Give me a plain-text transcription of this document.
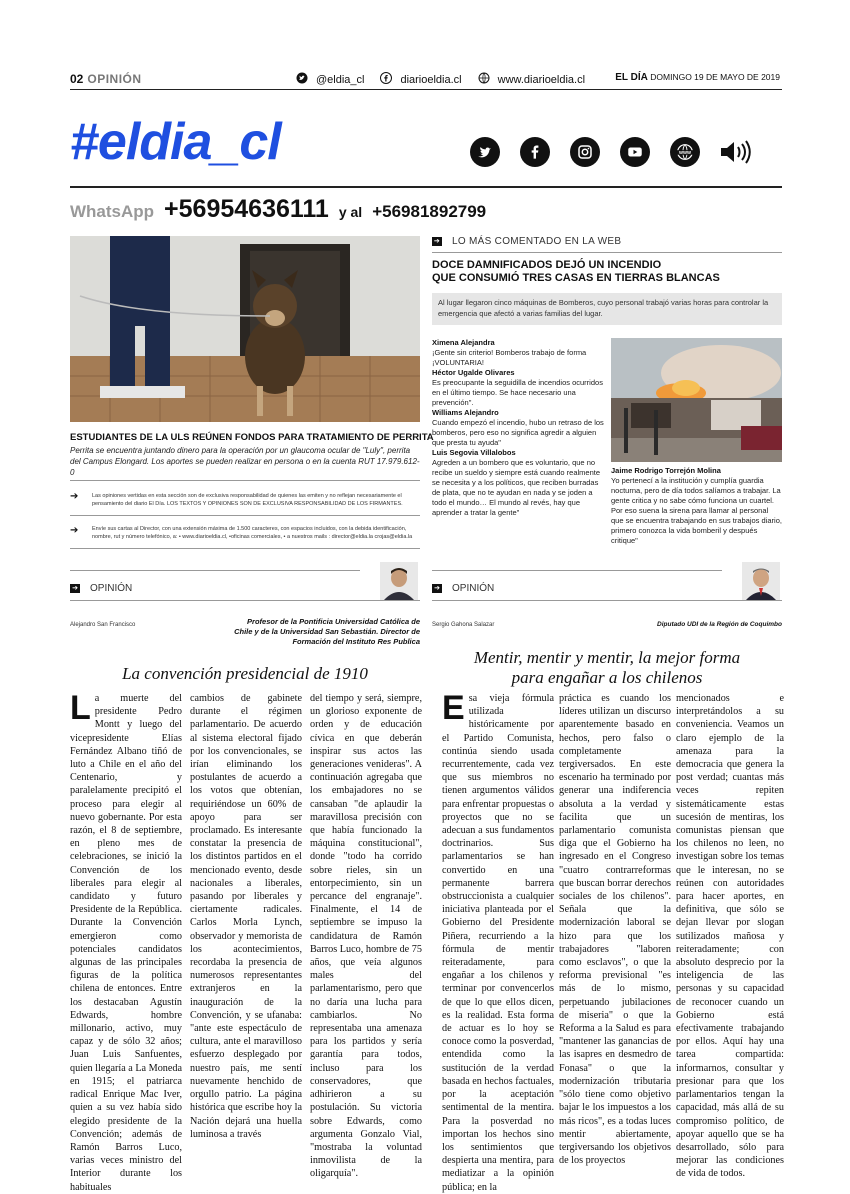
02 OPINIÓN	@eldia_cl	diarioeldia.cl	www.diarioeldia.cl	EL DÍA DOMINGO 19 DE MAYO DE 2019
#eldia_cl	WWW
WhatsApp +56954636111 y al +56981892799
ESTUDIANTES DE LA ULS REÚNEN FONDOS PARA TRATAMIENTO DE PERRITA
Perrita se encuentra juntando dinero para la operación por un glaucoma ocular de "Luly", perrita del Campus Elongard. Los aportes se pueden realizar en persona o en la cuenta RUT 17.979.612-0
➔ Las opiniones vertidas en esta sección son de exclusiva responsabilidad de quienes las emiten y no reflejan necesariamente el pensamiento del diario El Día. LOS TEXTOS Y OPINIONES SON DE EXCLUSIVA RESPONSABILIDAD DE LOS FIRMANTES.
➔ Envíe sus cartas al Director, con una extensión máxima de 1.500 caracteres, con espacios incluidos, con la debida identificación, nombre, rut y número telefónico, a: • www.diarioeldia.cl, •oficinas comerciales, • a nuestros mails : director@eldia.la crojas@eldia.la
➔ LO MÁS COMENTADO EN LA WEB
DOCE DAMNIFICADOS DEJÓ UN INCENDIO
QUE CONSUMIÓ TRES CASAS EN TIERRAS BLANCAS
Al lugar llegaron cinco máquinas de Bomberos, cuyo personal trabajó varias horas para controlar la emergencia que afectó a varias familias del lugar.
Ximena Alejandra
¡Gente sin criterio! Bomberos trabajo de forma ¡VOLUNTARIA!
Héctor Ugalde Olivares
Es preocupante la seguidilla de incendios ocurridos en el último tiempo. Se hace necesario una prevención".
Williams Alejandro
Cuando empezó el incendio, hubo un retraso de los bomberos, pero eso no significa agredir a alguien que presta tu ayuda"
Luis Segovia Villalobos
Agreden a un bombero que es voluntario, que no recibe un sueldo y siempre está cuando realmente se necesita y a los políticos, que reciben burradas de plata, que no te ayudan en nada y se joden a todo el mundo… El mundo al revés, hay que aprender a tratar la gente"
Jaime Rodrigo Torrejón Molina
Yo pertenecí a la institución y cumplía guardia nocturna, pero de día todos salíamos a trabajar. La gente critica y no sabe cómo funciona un cuartel. Por eso suena la sirena para llamar al personal que se encuentra trabajando en sus trabajos diario, primero conozca la vida bomberil y después critique"
➔ OPINIÓN
Alejandro San Francisco	Profesor de la Pontificia Universidad Católica de Chile y de la Universidad San Sebastián. Director de Formación del Instituto Res Publica
La convención presidencial de 1910
La muerte del presidente Pedro Montt y luego del vicepresidente Elías Fernández Albano tiñó de luto a Chile en el año del Centenario, y paralelamente precipitó el proceso para elegir al nuevo gobernante. Por esta razón, el 8 de septiembre, en pleno mes de celebraciones, se inició la Convención de los liberales para elegir al candidato y futuro Presidente de la República. Durante la Convención emergieron como potenciales candidatos algunas de las principales figuras de la política chilena de entonces. Entre los destacaban Agustín Edwards, hombre millonario, activo, muy capaz y de sólo 32 años; Juan Luis Sanfuentes, quien llegaría a La Moneda en 1915; el patriarca radical Enrique Mac Iver, quien a su vez había sido elegido presidente de la Convención; además de Ramón Barros Luco, varias veces ministro del Interior durante los habituales
cambios de gabinete durante el régimen parlamentario. De acuerdo al sistema electoral fijado por los convencionales, se irían eliminando los postulantes de acuerdo a los votos que obtenían, requiriéndose un 60% de apoyo para ser proclamado. Es interesante constatar la presencia de los distintos partidos en el mencionado evento, desde nacionales a liberales, pasando por liberales y ciertamente radicales. Carlos Morla Lynch, observador y memorista de los acontecimientos, recordaba la presencia de numerosos representantes extranjeros en la inauguración de la Convención, y se ufanaba: "ante este espectáculo de cultura, ante el maravilloso esfuerzo desplegado por nuestro país, me sentí nuevamente henchido de orgullo patrio. La página histórica que escribe hoy la Nación dejará una huella luminosa a través
del tiempo y será, siempre, un glorioso exponente de orden y de educación cívica en que deberán inspirar sus actos las generaciones venideras". A continuación agregaba que los embajadores no se cansaban "de aplaudir la maravillosa precisión con que había funcionado la máquina constitucional", donde "todo ha corrido sobre rieles, sin un entorpecimiento, sin un percance del engranaje". Finalmente, el 14 de septiembre se impuso la candidatura de Ramón Barros Luco, hombre de 75 años, que veía algunos males del parlamentarismo, pero que no daría una lucha para cambiarlos. No representaba una amenaza para los partidos y sería garantía para todos, incluso para los conservadores, que adhirieron a su postulación. Su victoria sobre Edwards, como argumenta Gonzalo Vial, "mostraba la voluntad inmovilista de la oligarquía".
➔ OPINIÓN
Sergio Gahona Salazar	Diputado UDI de la Región de Coquimbo
Mentir, mentir y mentir, la mejor forma
para engañar a los chilenos
Esa vieja fórmula utilizada históricamente por el Partido Comunista, continúa siendo usada recurrentemente, cada vez que sus miembros no tienen argumentos válidos para enfrentar propuestas o proyectos que no se adecuan a sus fundamentos doctrinarios. Sus parlamentarios se han convertido en una permanente barrera obstruccionista a cualquier iniciativa planteada por el Gobierno del Presidente Piñera, recurriendo a la fórmula de mentir reiteradamente, para engañar a los chilenos y terminar por convencerlos de que lo que ellos dicen, es la realidad. Esta forma de actuar es lo hoy se conoce como la posverdad, entendida como la sustitución de la verdad basada en hechos factuales, por la aceptación sentimental de la mentira. Para la posverdad no importan los hechos sino los sentimientos que despierta una mentira, para mediatizar a la opinión pública; en la
práctica es cuando los líderes utilizan un discurso aparentemente basado en hechos, pero falso o completamente tergiversados. En este escenario ha terminado por generar una indiferencia absoluta a la verdad y facilita que un parlamentario comunista diga que el Gobierno ha ingresado en el Congreso "cuatro contrarreformas que buscan borrar derechos sociales de los chilenos". Señala que la modernización laboral se hizo para que los trabajadores "laboren como esclavos", o que la reforma previsional "es más de lo mismo, perpetuando jubilaciones de miseria" o que la Reforma a la Salud es para "mantener las ganancias de las isapres en desmedro de Fonasa" o que la modernización tributaria "sólo tiene como objetivo bajar le los impuestos a los más ricos", es a todas luces mentir abiertamente, tergiversando los objetivos de los proyectos
mencionados e interpretándolos a su conveniencia. Veamos un claro ejemplo de la amenaza para la democracia que genera la post verdad; cuantas más veces repiten sistemáticamente estas sucesión de mentiras, los comunistas piensan que los chilenos no leen, no investigan sobre los temas que le interesan, no se reúnen con autoridades para hacer aportes, en definitiva, que sólo se dejan llevar por slogan sutilizados mañosa y reiteradamente; con absoluto desprecio por la inteligencia de las personas y su capacidad de reconocer cuando un Gobierno está efectivamente trabajando por ellos. Aquí hay una tarea compartida: informarnos, consultar y presionar para que los parlamentarios tengan la capacidad, más allá de su compromiso político, de apoyar aquello que se ha desarrollado, sólo para mejorar las condiciones de vida de todos.
